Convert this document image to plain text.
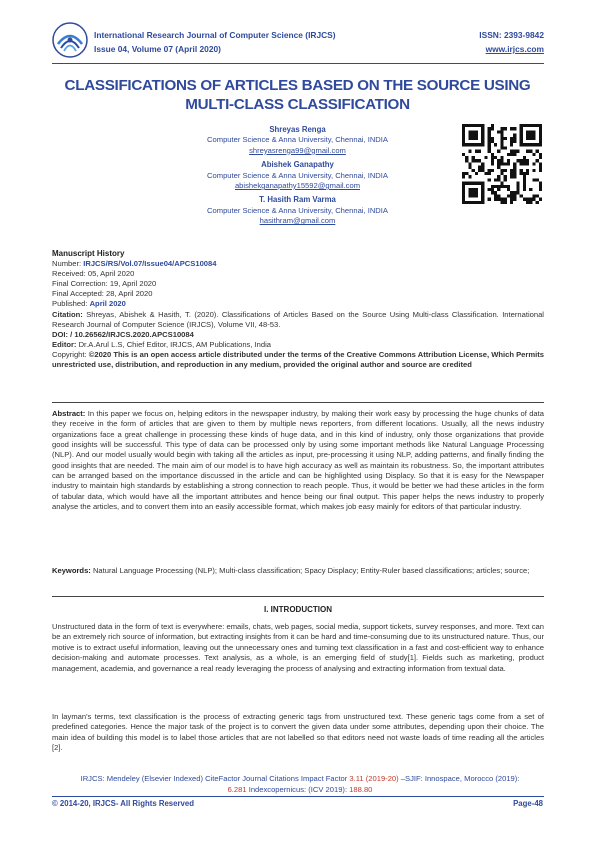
International Research Journal of Computer Science (IRJCS)
Issue 04, Volume 07 (April 2020)
ISSN: 2393-9842
www.irjcs.com
CLASSIFICATIONS OF ARTICLES BASED ON THE SOURCE USING MULTI-CLASS CLASSIFICATION
Shreyas Renga
Computer Science & Anna University, Chennai, INDIA
shreyasrenga99@gmail.com
Abishek Ganapathy
Computer Science & Anna University, Chennai, INDIA
abishekganapathy15592@gmail.com
T. Hasith Ram Varma
Computer Science & Anna University, Chennai, INDIA
hasithram@gmail.com
Manuscript History
Number: IRJCS/RS/Vol.07/Issue04/APCS10084
Received: 05, April 2020
Final Correction: 19, April 2020
Final Accepted: 28, April 2020
Published: April 2020
Citation: Shreyas, Abishek & Hasith, T. (2020). Classifications of Articles Based on the Source Using Multi-class Classification. International Research Journal of Computer Science (IRJCS), Volume VII, 48-53.
DOI: / 10.26562/IRJCS.2020.APCS10084
Editor: Dr.A.Arul L.S, Chief Editor, IRJCS, AM Publications, India
Copyright: ©2020 This is an open access article distributed under the terms of the Creative Commons Attribution License, Which Permits unrestricted use, distribution, and reproduction in any medium, provided the original author and source are credited
Abstract: In this paper we focus on, helping editors in the newspaper industry, by making their work easy by processing the huge chunks of data they receive in the form of articles that are given to them by multiple news reporters, from different locations. Usually, all the news industry organizations face a great challenge in processing these kinds of huge data, and in this kind of industry, only those organizations that provide good insights will be successful. This type of data can be processed only by using some important methods like Natural Language Processing (NLP). And our model usually would begin with taking all the articles as input, pre-processing it using NLP, adding patterns, and finally finding the good insights that are needed. The main aim of our model is to have high accuracy as well as maintain its robustness. So, the important attributes can be arranged based on the importance discussed in the article and can be highlighted using Displacy. So that it is easy for the Newspaper industry to maintain high standards by establishing a strong connection to reach people. Thus, it would be better we had these articles in the form of tabular data, which would have all the important attributes and hence being our final output. This paper helps the news industry to properly analyse the articles, and to convert them into an easily accessible format, which makes job easy mainly for editors of that particular industry.
Keywords: Natural Language Processing (NLP); Multi-class classification; Spacy Displacy; Entity-Ruler based classifications; articles; source;
I. INTRODUCTION
Unstructured data in the form of text is everywhere: emails, chats, web pages, social media, support tickets, survey responses, and more. Text can be an extremely rich source of information, but extracting insights from it can be hard and time-consuming due to its unstructured nature. Thus, our motive is to extract useful information, leaving out the unnecessary ones and turning text classification in a fast and cost-efficient way to enhance decision-making and automate processes. Text analysis, as a whole, is an emerging field of study[1]. Fields such as marketing, product management, academia, and governance a real ready leveraging the process of analysing and extracting information from textual data.
In layman's terms, text classification is the process of extracting generic tags from unstructured text. These generic tags come from a set of predefined categories. Hence the major task of the project is to convert the given data under some attributes, depending upon their choice. The main idea of building this model is to label those articles that are not labelled so that editors need not waste loads of time reading all the articles [2].
IRJCS: Mendeley (Elsevier Indexed) CiteFactor Journal Citations Impact Factor 3.11 (2019-20) –SJIF: Innospace, Morocco (2019): 6.281 Indexcopernicus: (ICV 2019): 188.80
© 2014-20, IRJCS- All Rights Reserved	Page-48
